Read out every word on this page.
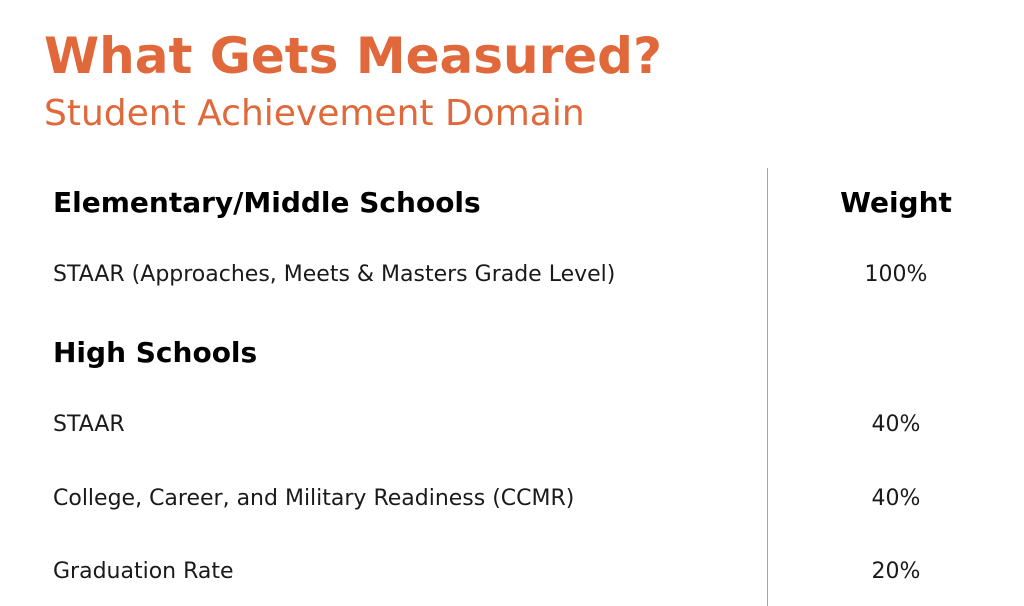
What Gets Measured?
Student Achievement Domain
Elementary/Middle Schools	Weight
STAAR (Approaches, Meets & Masters Grade Level)	100%
High Schools
STAAR	40%
College, Career, and Military Readiness (CCMR)	40%
Graduation Rate	20%
